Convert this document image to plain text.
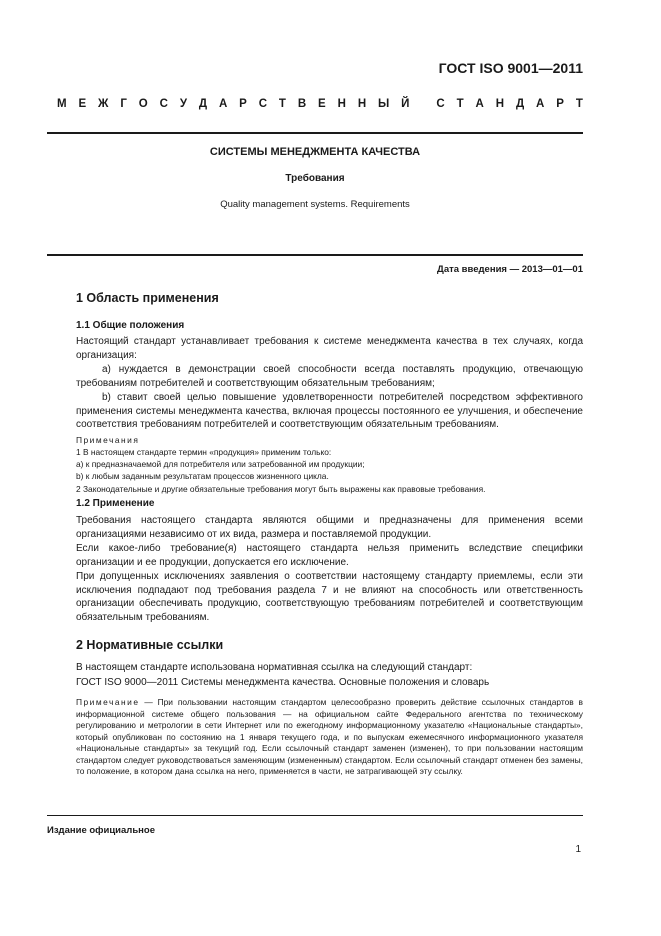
ГОСТ ISO 9001—2011
М Е Ж Г О С У Д А Р С Т В Е Н Н Ы Й
С Т А Н Д А Р Т
СИСТЕМЫ МЕНЕДЖМЕНТА КАЧЕСТВА
Требования
Quality management systems. Requirements
Дата введения — 2013—01—01
1 Область применения
1.1 Общие положения
Настоящий стандарт устанавливает требования к системе менеджмента качества в тех случаях, когда организация:
а) нуждается в демонстрации своей способности всегда поставлять продукцию, отвечающую требованиям потребителей и соответствующим обязательным требованиям;
b) ставит своей целью повышение удовлетворенности потребителей посредством эффективного применения системы менеджмента качества, включая процессы постоянного ее улучшения, и обеспечение соответствия требованиям потребителей и соответствующим обязательным требованиям.
Примечания
1 В настоящем стандарте термин «продукция» применим только:
а) к предназначаемой для потребителя или затребованной им продукции;
b) к любым заданным результатам процессов жизненного цикла.
2 Законодательные и другие обязательные требования могут быть выражены как правовые требования.
1.2 Применение
Требования настоящего стандарта являются общими и предназначены для применения всеми организациями независимо от их вида, размера и поставляемой продукции.
Если какое-либо требование(я) настоящего стандарта нельзя применить вследствие специфики организации и ее продукции, допускается его исключение.
При допущенных исключениях заявления о соответствии настоящему стандарту приемлемы, если эти исключения подпадают под требования раздела 7 и не влияют на способность или ответственность организации обеспечивать продукцию, соответствующую требованиям потребителей и соответствующим обязательным требованиям.
2 Нормативные ссылки
В настоящем стандарте использована нормативная ссылка на следующий стандарт:
ГОСТ ISO 9000—2011 Системы менеджмента качества. Основные положения и словарь
Примечание — При пользовании настоящим стандартом целесообразно проверить действие ссылочных стандартов в информационной системе общего пользования — на официальном сайте Федерального агентства по техническому регулированию и метрологии в сети Интернет или по ежегодному информационному указателю «Национальные стандарты», который опубликован по состоянию на 1 января текущего года, и по выпускам ежемесячного информационного указателя «Национальные стандарты» за текущий год. Если ссылочный стандарт заменен (изменен), то при пользовании настоящим стандартом следует руководствоваться заменяющим (измененным) стандартом. Если ссылочный стандарт отменен без замены, то положение, в котором дана ссылка на него, применяется в части, не затрагивающей эту ссылку.
Издание официальное
1
